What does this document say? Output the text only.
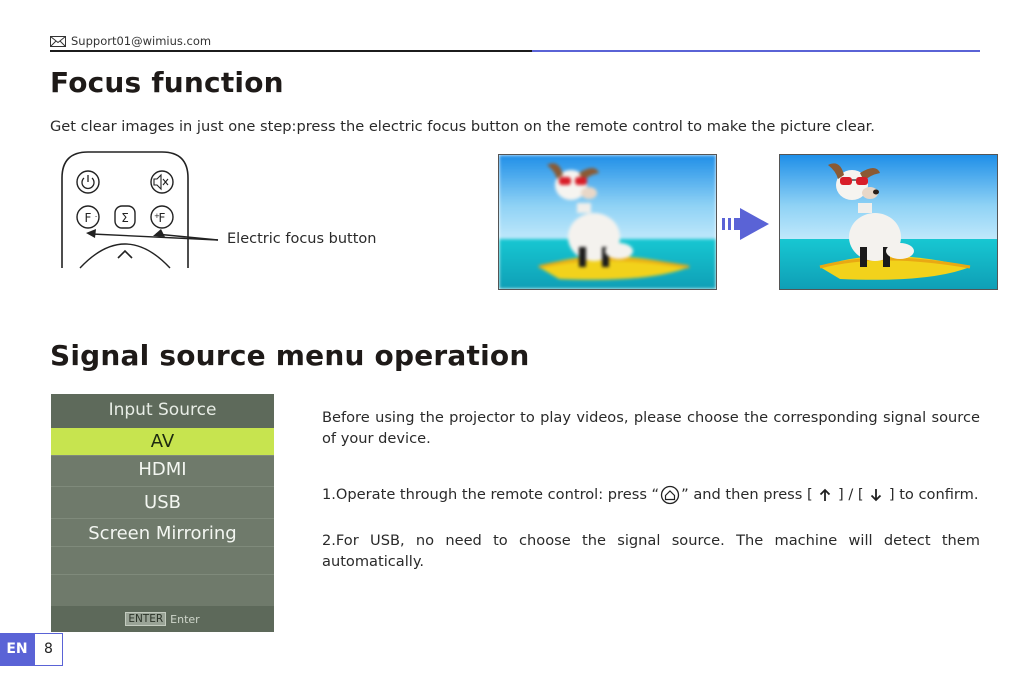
Support01@wimius.com
Focus function
Get clear images in just one step:press the electric focus button on the remote control to make the picture clear.
F - Σ F
+
Electric focus button
Signal source menu operation
Input Source
AV
HDMI
USB
Screen Mirroring
ENTER Enter

Before using the projector to play videos, please choose the corresponding signal source of your device.

1.Operate through the remote control: press “ ” and then press [ ] / [ ] to confirm.

2.For USB, no need to choose the signal source. The machine will detect them automatically.

EN	8
